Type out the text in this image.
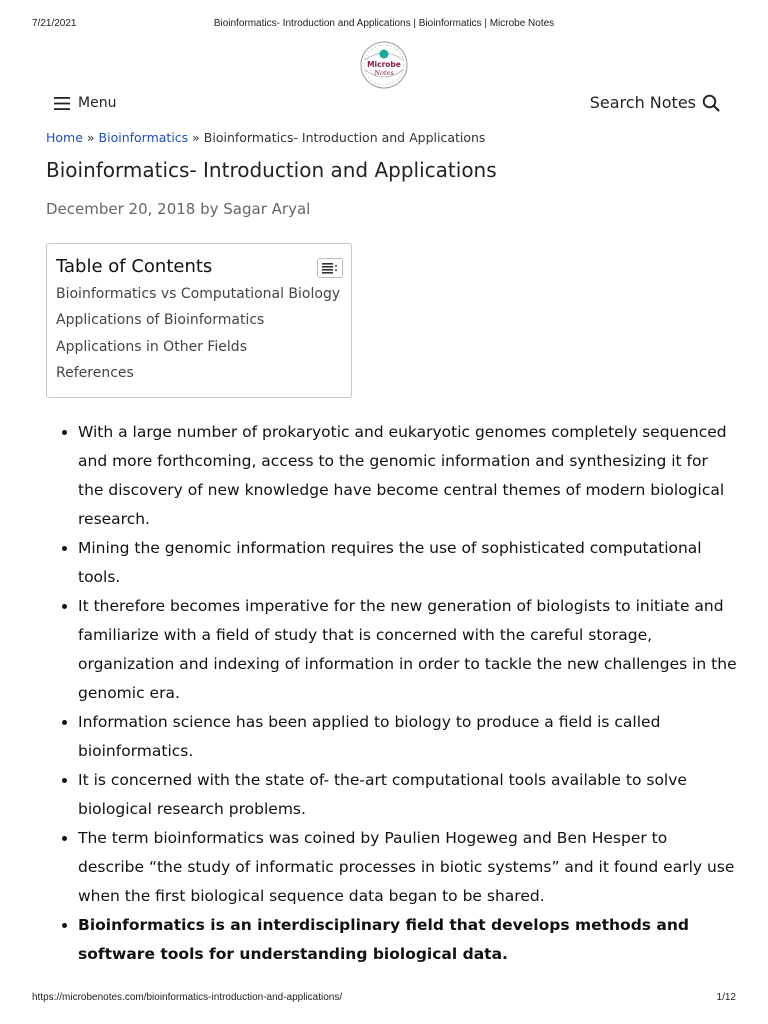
7/21/2021	Bioinformatics- Introduction and Applications | Bioinformatics | Microbe Notes
Microbe
Notes
Menu	Search Notes
Home » Bioinformatics » Bioinformatics- Introduction and Applications
Bioinformatics- Introduction and Applications
December 20, 2018 by Sagar Aryal
Table of Contents
Bioinformatics vs Computational Biology
Applications of Bioinformatics
Applications in Other Fields
References
• With a large number of prokaryotic and eukaryotic genomes completely sequenced and more forthcoming, access to the genomic information and synthesizing it for the discovery of new knowledge have become central themes of modern biological research.
• Mining the genomic information requires the use of sophisticated computational tools.
• It therefore becomes imperative for the new generation of biologists to initiate and familiarize with a field of study that is concerned with the careful storage, organization and indexing of information in order to tackle the new challenges in the genomic era.
• Information science has been applied to biology to produce a field is called bioinformatics.
• It is concerned with the state of- the-art computational tools available to solve biological research problems.
• The term bioinformatics was coined by Paulien Hogeweg and Ben Hesper to describe “the study of informatic processes in biotic systems” and it found early use when the first biological sequence data began to be shared.
• Bioinformatics is an interdisciplinary field that develops methods and software tools for understanding biological data.
https://microbenotes.com/bioinformatics-introduction-and-applications/	1/12
